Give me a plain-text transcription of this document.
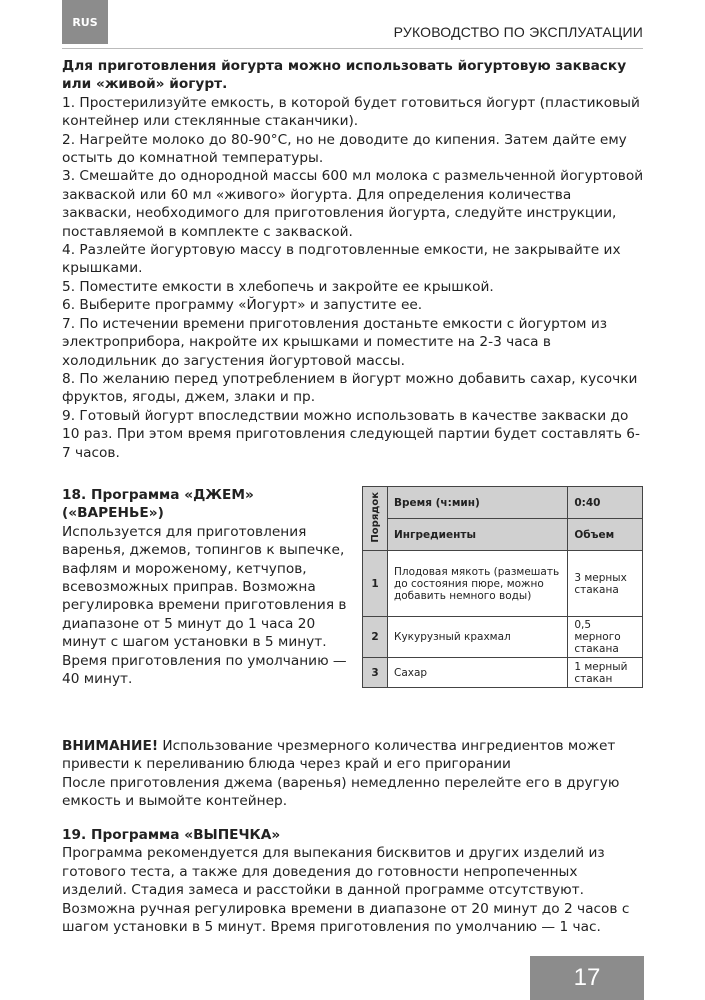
RUS
РУКОВОДСТВО ПО ЭКСПЛУАТАЦИИ

Для приготовления йогурта можно использовать йогуртовую закваску или «живой» йогурт.

1. Простерилизуйте емкость, в которой будет готовиться йогурт (пластиковый контейнер или стеклянные стаканчики).

2. Нагрейте молоко до 80-90°С, но не доводите до кипения. Затем дайте ему остыть до комнатной температуры.

3. Смешайте до однородной массы 600 мл молока с размельченной йогуртовой закваской или 60 мл «живого» йогурта. Для определения количества закваски, необходимого для приготовления йогурта, следуйте инструкции, поставляемой в комплекте с закваской.

4. Разлейте йогуртовую массу в подготовленные емкости, не закрывайте их крышками.

5. Поместите емкости в хлебопечь и закройте ее крышкой.

6. Выберите программу «Йогурт» и запустите ее.

7. По истечении времени приготовления достаньте емкости с йогуртом из электроприбора, накройте их крышками и поместите на 2-3 часа в холодильник до загустения йогуртовой массы.

8. По желанию перед употреблением в йогурт можно добавить сахар, кусочки фруктов, ягоды, джем, злаки и пр.

9. Готовый йогурт впоследствии можно использовать в качестве закваски до 10 раз. При этом время приготовления следующей партии будет составлять 6-7 часов.

18. Программа «ДЖЕМ» («ВАРЕНЬЕ»)

Используется для приготовления варенья, джемов, топингов к выпечке, вафлям и мороженому, кетчупов, всевозможных приправ. Возможна регулировка времени приготовления в диапазоне от 5 минут до 1 часа 20 минут с шагом установки в 5 минут. Время приготовления по умолчанию — 40 минут.

Порядок	Время (ч:мин)	0:40
	Ингредиенты	Объем
1	Плодовая мякоть (размешать до состояния пюре, можно добавить немного воды)	3 мерных стакана
2	Кукурузный крахмал	0,5 мерного стакана
3	Сахар	1 мерный стакан

ВНИМАНИЕ! Использование чрезмерного количества ингредиентов может привести к переливанию блюда через край и его пригорании

После приготовления джема (варенья) немедленно перелейте его в другую емкость и вымойте контейнер.

19. Программа «ВЫПЕЧКА»

Программа рекомендуется для выпекания бисквитов и других изделий из готового теста, а также для доведения до готовности непропеченных изделий. Стадия замеса и расстойки в данной программе отсутствуют. Возможна ручная регулировка времени в диапазоне от 20 минут до 2 часов с шагом установки в 5 минут. Время приготовления по умолчанию — 1 час.

17
